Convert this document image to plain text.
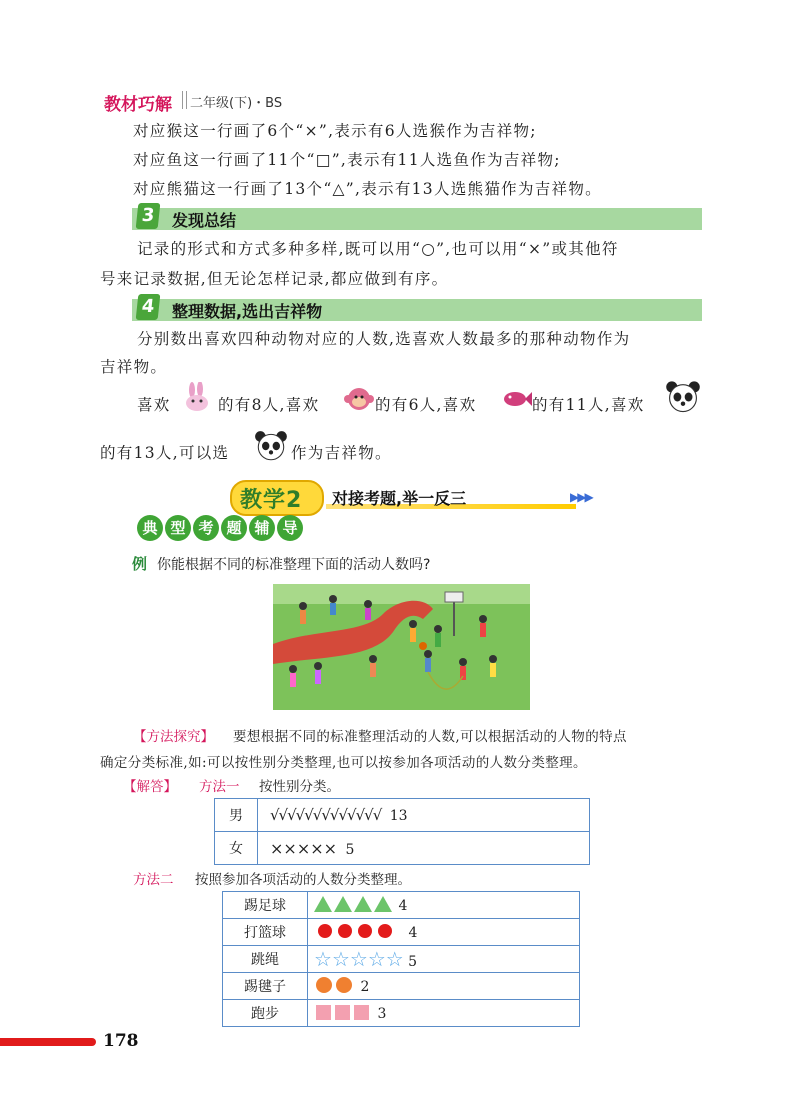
教材巧解 二年级(下)・BS
对应猴这一行画了6个“×”,表示有6人选猴作为吉祥物;
对应鱼这一行画了11个“□”,表示有11人选鱼作为吉祥物;
对应熊猫这一行画了13个“△”,表示有13人选熊猫作为吉祥物。
3	发现总结
记录的形式和方式多种多样,既可以用“○”,也可以用“×”或其他符
号来记录数据,但无论怎样记录,都应做到有序。
4	整理数据,选出吉祥物
分别数出喜欢四种动物对应的人数,选喜欢人数最多的那种动物作为
吉祥物。
喜欢	的有8人,喜欢	的有6人,喜欢	的有11人,喜欢
的有13人,可以选	作为吉祥物。
教学2 对接考题,举一反三	▶▶▶
典 型 考 题 辅 导
例 你能根据不同的标准整理下面的活动人数吗?
【方法探究】 要想根据不同的标准整理活动的人数,可以根据活动的人物的特点
确定分类标准,如:可以按性别分类整理,也可以按参加各项活动的人数分类整理。
【解答】 方法一 按性别分类。
男	√√√√√√√√√√√√√ 13
女	××××× 5
方法二 按照参加各项活动的人数分类整理。
踢足球	4
打篮球	4
跳绳	☆☆☆☆☆ 5
踢毽子	2
跑步	3
178
